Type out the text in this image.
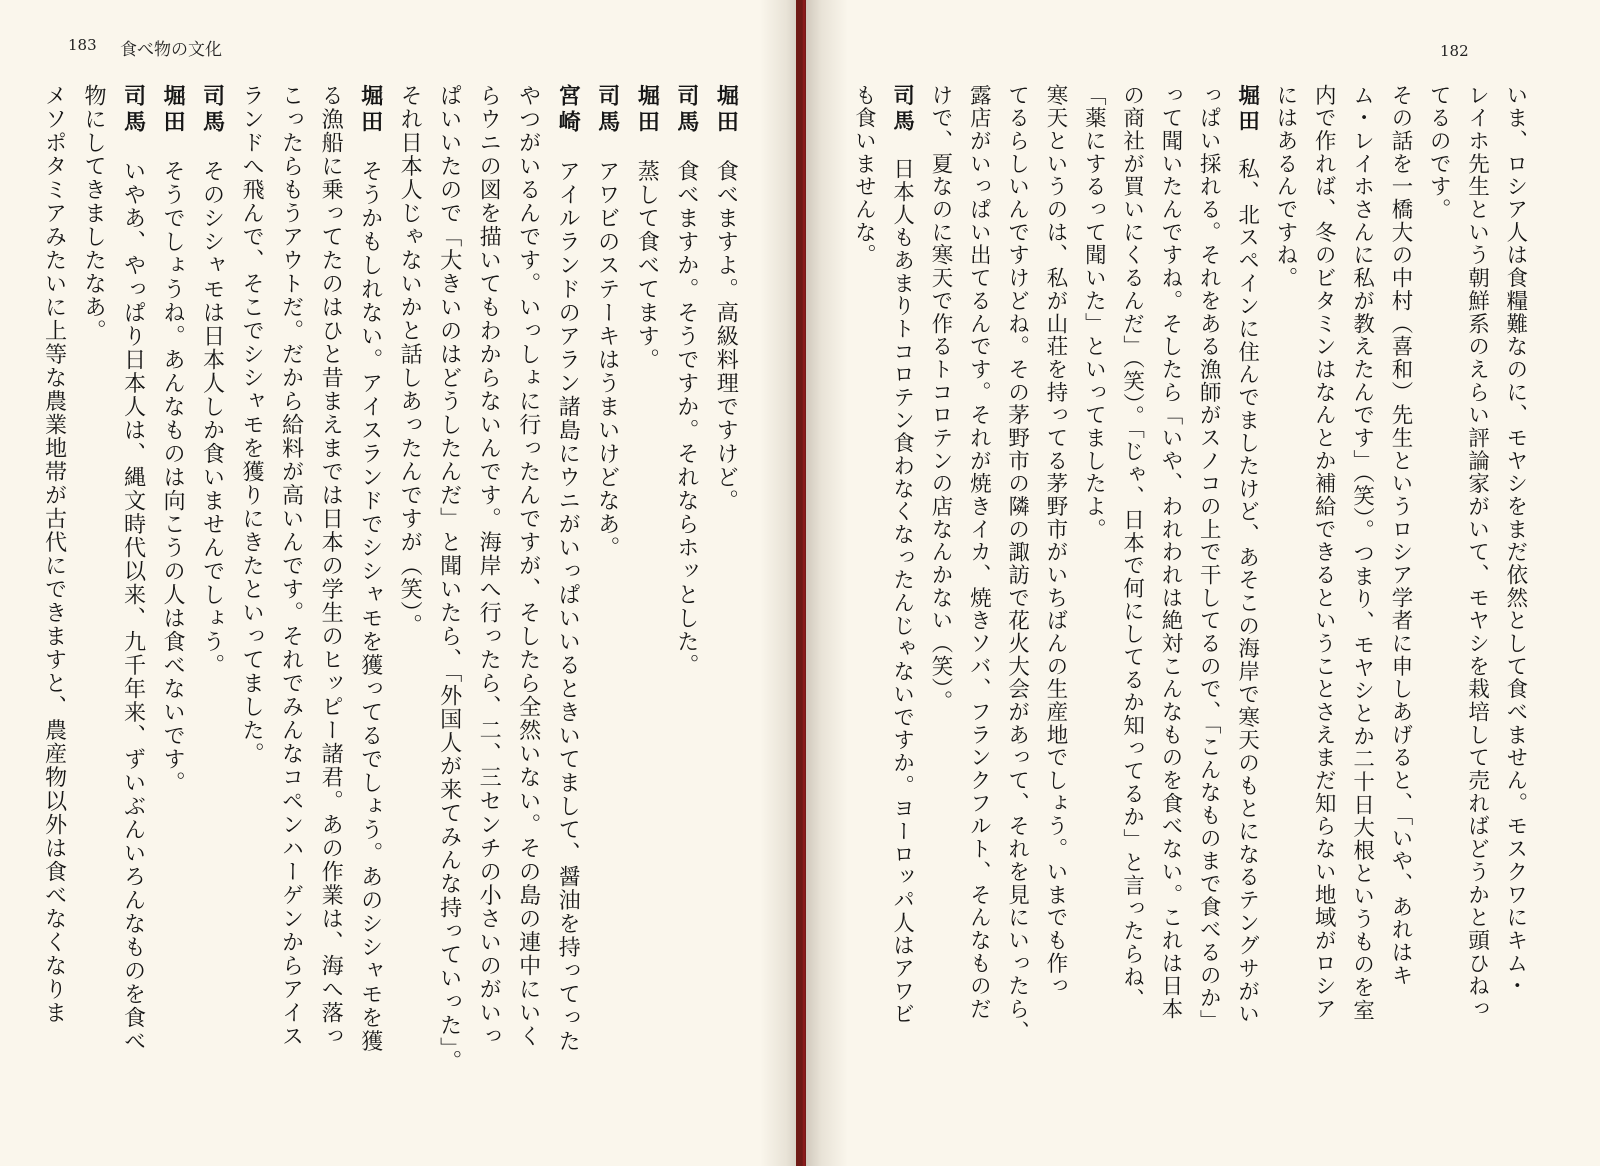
183 食べ物の文化
堀田　食べますよ。高級料理ですけど。
司馬　食べますか。そうですか。それならホッとした。
堀田　蒸して食べてます。
司馬　アワビのステーキはうまいけどなあ。
宮崎　アイルランドのアラン諸島にウニがいっぱいいるときいてまして、醤油を持ってった
やつがいるんです。いっしょに行ったんですが、そしたら全然いない。その島の連中にいく
らウニの図を描いてもわからないんです。海岸へ行ったら、二、三センチの小さいのがいっ
ぱいいたので「大きいのはどうしたんだ」と聞いたら、「外国人が来てみんな持っていった」。
それ日本人じゃないかと話しあったんですが（笑）。
堀田　そうかもしれない。アイスランドでシシャモを獲ってるでしょう。あのシシャモを獲
る漁船に乗ってたのはひと昔まえまでは日本の学生のヒッピー諸君。あの作業は、海へ落っ
こったらもうアウトだ。だから給料が高いんです。それでみんなコペンハーゲンからアイス
ランドへ飛んで、そこでシシャモを獲りにきたといってました。
司馬　そのシシャモは日本人しか食いませんでしょう。
堀田　そうでしょうね。あんなものは向こうの人は食べないです。
司馬　いやあ、やっぱり日本人は、縄文時代以来、九千年来、ずいぶんいろんなものを食べ
物にしてきましたなあ。
メソポタミアみたいに上等な農業地帯が古代にできますと、農産物以外は食べなくなりま
182
いま、ロシア人は食糧難なのに、モヤシをまだ依然として食べません。モスクワにキム・
レイホ先生という朝鮮系のえらい評論家がいて、モヤシを栽培して売ればどうかと頭ひねっ
てるのです。
その話を一橋大の中村（喜和）先生というロシア学者に申しあげると、「いや、あれはキ
ム・レイホさんに私が教えたんです」（笑）。つまり、モヤシとか二十日大根というものを室
内で作れば、冬のビタミンはなんとか補給できるということさえまだ知らない地域がロシア
にはあるんですね。
堀田　私、北スペインに住んでましたけど、あそこの海岸で寒天のもとになるテングサがい
っぱい採れる。それをある漁師がスノコの上で干してるので、「こんなものまで食べるのか」
って聞いたんですね。そしたら「いや、われわれは絶対こんなものを食べない。これは日本
の商社が買いにくるんだ」（笑）。「じゃ、日本で何にしてるか知ってるか」と言ったらね、
「薬にするって聞いた」といってましたよ。
寒天というのは、私が山荘を持ってる茅野市がいちばんの生産地でしょう。いまでも作っ
てるらしいんですけどね。その茅野市の隣の諏訪で花火大会があって、それを見にいったら、
露店がいっぱい出てるんです。それが焼きイカ、焼きソバ、フランクフルト、そんなものだ
けで、夏なのに寒天で作るトコロテンの店なんかない（笑）。
司馬　日本人もあまりトコロテン食わなくなったんじゃないですか。ヨーロッパ人はアワビ
も食いませんな。
